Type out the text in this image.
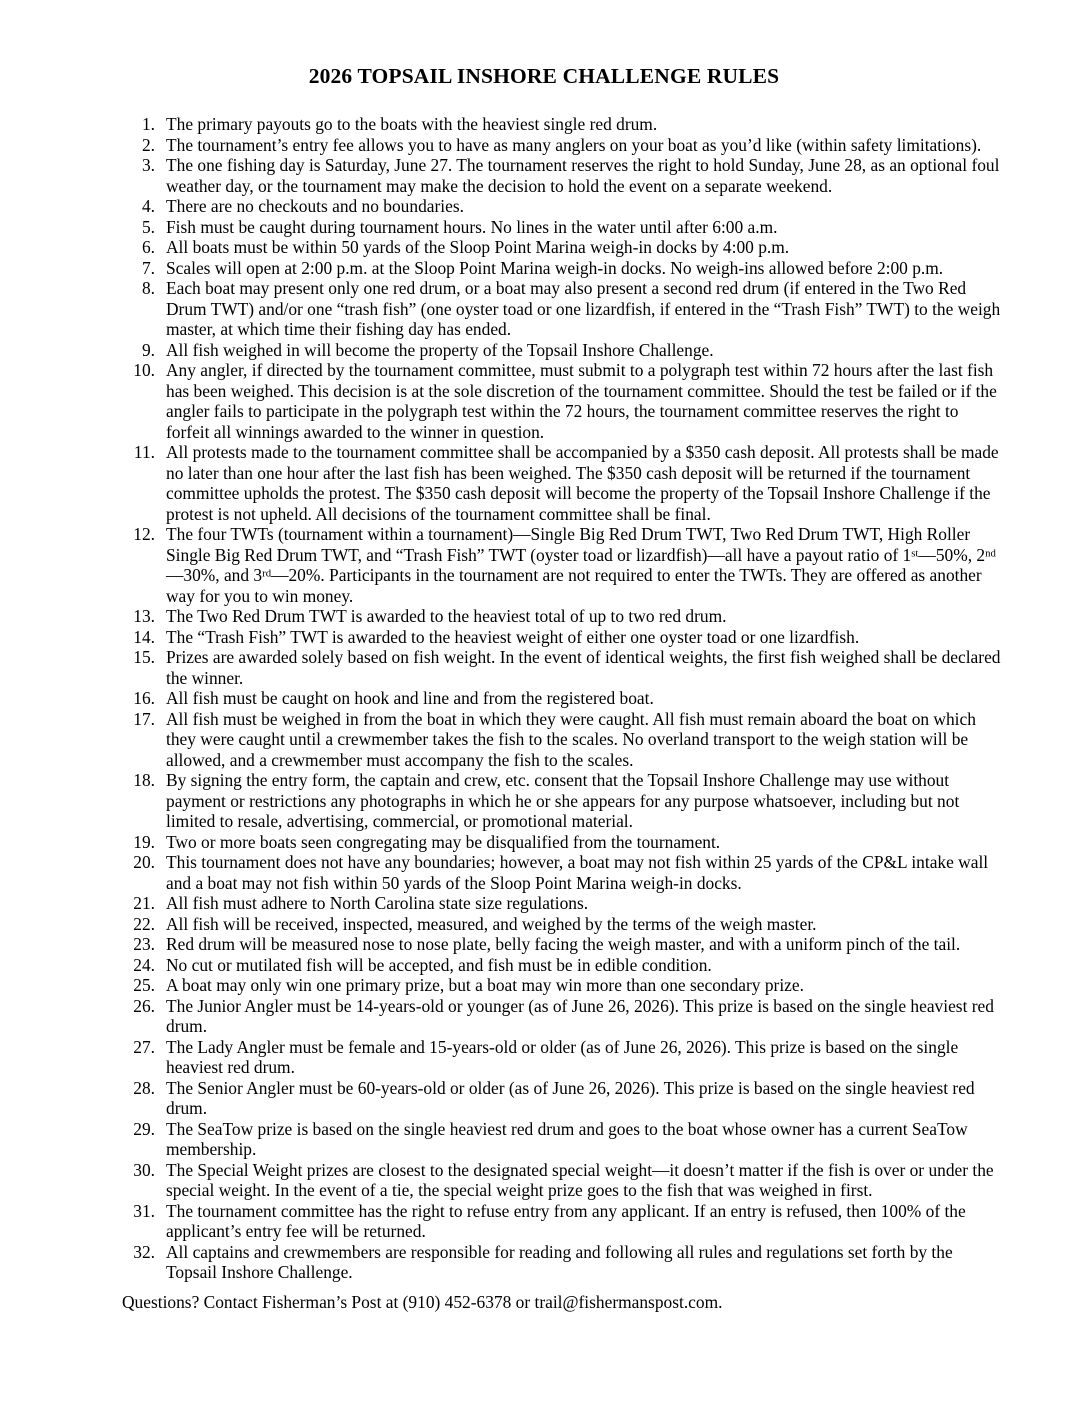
2026 TOPSAIL INSHORE CHALLENGE RULES
1. The primary payouts go to the boats with the heaviest single red drum.
2. The tournament’s entry fee allows you to have as many anglers on your boat as you’d like (within safety limitations).
3. The one fishing day is Saturday, June 27. The tournament reserves the right to hold Sunday, June 28, as an optional foul weather day, or the tournament may make the decision to hold the event on a separate weekend.
4. There are no checkouts and no boundaries.
5. Fish must be caught during tournament hours. No lines in the water until after 6:00 a.m.
6. All boats must be within 50 yards of the Sloop Point Marina weigh-in docks by 4:00 p.m.
7. Scales will open at 2:00 p.m. at the Sloop Point Marina weigh-in docks. No weigh-ins allowed before 2:00 p.m.
8. Each boat may present only one red drum, or a boat may also present a second red drum (if entered in the Two Red Drum TWT) and/or one “trash fish” (one oyster toad or one lizardfish, if entered in the “Trash Fish” TWT) to the weigh master, at which time their fishing day has ended.
9. All fish weighed in will become the property of the Topsail Inshore Challenge.
10. Any angler, if directed by the tournament committee, must submit to a polygraph test within 72 hours after the last fish has been weighed. This decision is at the sole discretion of the tournament committee. Should the test be failed or if the angler fails to participate in the polygraph test within the 72 hours, the tournament committee reserves the right to forfeit all winnings awarded to the winner in question.
11. All protests made to the tournament committee shall be accompanied by a $350 cash deposit. All protests shall be made no later than one hour after the last fish has been weighed. The $350 cash deposit will be returned if the tournament committee upholds the protest. The $350 cash deposit will become the property of the Topsail Inshore Challenge if the protest is not upheld. All decisions of the tournament committee shall be final.
12. The four TWTs (tournament within a tournament)—Single Big Red Drum TWT, Two Red Drum TWT, High Roller Single Big Red Drum TWT, and “Trash Fish” TWT (oyster toad or lizardfish)—all have a payout ratio of 1st—50%, 2nd—30%, and 3rd—20%. Participants in the tournament are not required to enter the TWTs. They are offered as another way for you to win money.
13. The Two Red Drum TWT is awarded to the heaviest total of up to two red drum.
14. The “Trash Fish” TWT is awarded to the heaviest weight of either one oyster toad or one lizardfish.
15. Prizes are awarded solely based on fish weight. In the event of identical weights, the first fish weighed shall be declared the winner.
16. All fish must be caught on hook and line and from the registered boat.
17. All fish must be weighed in from the boat in which they were caught. All fish must remain aboard the boat on which they were caught until a crewmember takes the fish to the scales. No overland transport to the weigh station will be allowed, and a crewmember must accompany the fish to the scales.
18. By signing the entry form, the captain and crew, etc. consent that the Topsail Inshore Challenge may use without payment or restrictions any photographs in which he or she appears for any purpose whatsoever, including but not limited to resale, advertising, commercial, or promotional material.
19. Two or more boats seen congregating may be disqualified from the tournament.
20. This tournament does not have any boundaries; however, a boat may not fish within 25 yards of the CP&L intake wall and a boat may not fish within 50 yards of the Sloop Point Marina weigh-in docks.
21. All fish must adhere to North Carolina state size regulations.
22. All fish will be received, inspected, measured, and weighed by the terms of the weigh master.
23. Red drum will be measured nose to nose plate, belly facing the weigh master, and with a uniform pinch of the tail.
24. No cut or mutilated fish will be accepted, and fish must be in edible condition.
25. A boat may only win one primary prize, but a boat may win more than one secondary prize.
26. The Junior Angler must be 14-years-old or younger (as of June 26, 2026). This prize is based on the single heaviest red drum.
27. The Lady Angler must be female and 15-years-old or older (as of June 26, 2026). This prize is based on the single heaviest red drum.
28. The Senior Angler must be 60-years-old or older (as of June 26, 2026). This prize is based on the single heaviest red drum.
29. The SeaTow prize is based on the single heaviest red drum and goes to the boat whose owner has a current SeaTow membership.
30. The Special Weight prizes are closest to the designated special weight—it doesn’t matter if the fish is over or under the special weight. In the event of a tie, the special weight prize goes to the fish that was weighed in first.
31. The tournament committee has the right to refuse entry from any applicant. If an entry is refused, then 100% of the applicant’s entry fee will be returned.
32. All captains and crewmembers are responsible for reading and following all rules and regulations set forth by the Topsail Inshore Challenge.
Questions? Contact Fisherman’s Post at (910) 452-6378 or trail@fishermanspost.com.
